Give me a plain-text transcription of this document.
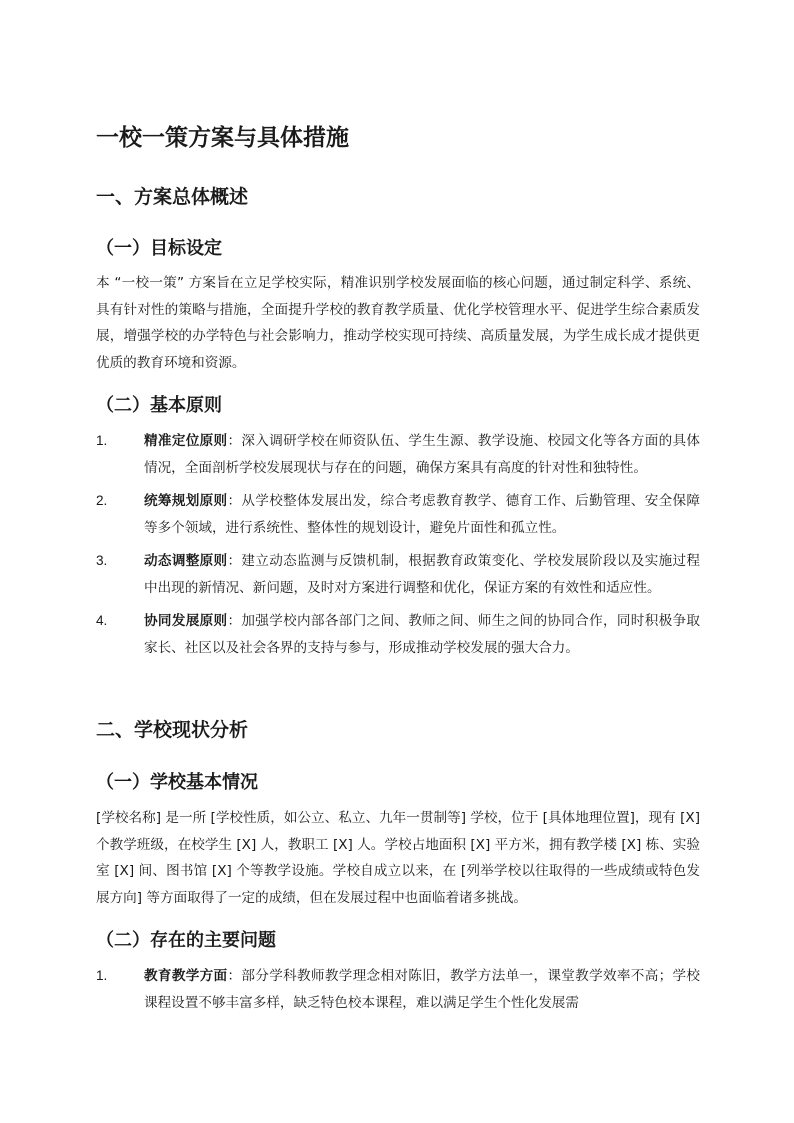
一校一策方案与具体措施
一、方案总体概述
（一）目标设定

本 “一校一策” 方案旨在立足学校实际，精准识别学校发展面临的核心问题，通过制定科学、系统、具有针对性的策略与措施，全面提升学校的教育教学质量、优化学校管理水平、促进学生综合素质发展，增强学校的办学特色与社会影响力，推动学校实现可持续、高质量发展，为学生成长成才提供更优质的教育环境和资源。

（二）基本原则
1.	精准定位原则：深入调研学校在师资队伍、学生生源、教学设施、校园文化等各方面的具体情况，全面剖析学校发展现状与存在的问题，确保方案具有高度的针对性和独特性。
2.	统筹规划原则：从学校整体发展出发，综合考虑教育教学、德育工作、后勤管理、安全保障等多个领域，进行系统性、整体性的规划设计，避免片面性和孤立性。
3.	动态调整原则：建立动态监测与反馈机制，根据教育政策变化、学校发展阶段以及实施过程中出现的新情况、新问题，及时对方案进行调整和优化，保证方案的有效性和适应性。
4.	协同发展原则：加强学校内部各部门之间、教师之间、师生之间的协同合作，同时积极争取家长、社区以及社会各界的支持与参与，形成推动学校发展的强大合力。
二、学校现状分析
（一）学校基本情况

[学校名称] 是一所 [学校性质，如公立、私立、九年一贯制等] 学校，位于 [具体地理位置]，现有 [X] 个教学班级，在校学生 [X] 人，教职工 [X] 人。学校占地面积 [X] 平方米，拥有教学楼 [X] 栋、实验室 [X] 间、图书馆 [X] 个等教学设施。学校自成立以来，在 [列举学校以往取得的一些成绩或特色发展方向] 等方面取得了一定的成绩，但在发展过程中也面临着诸多挑战。

（二）存在的主要问题
1.	教育教学方面：部分学科教师教学理念相对陈旧，教学方法单一，课堂教学效率不高；学校课程设置不够丰富多样，缺乏特色校本课程，难以满足学生个性化发展需
